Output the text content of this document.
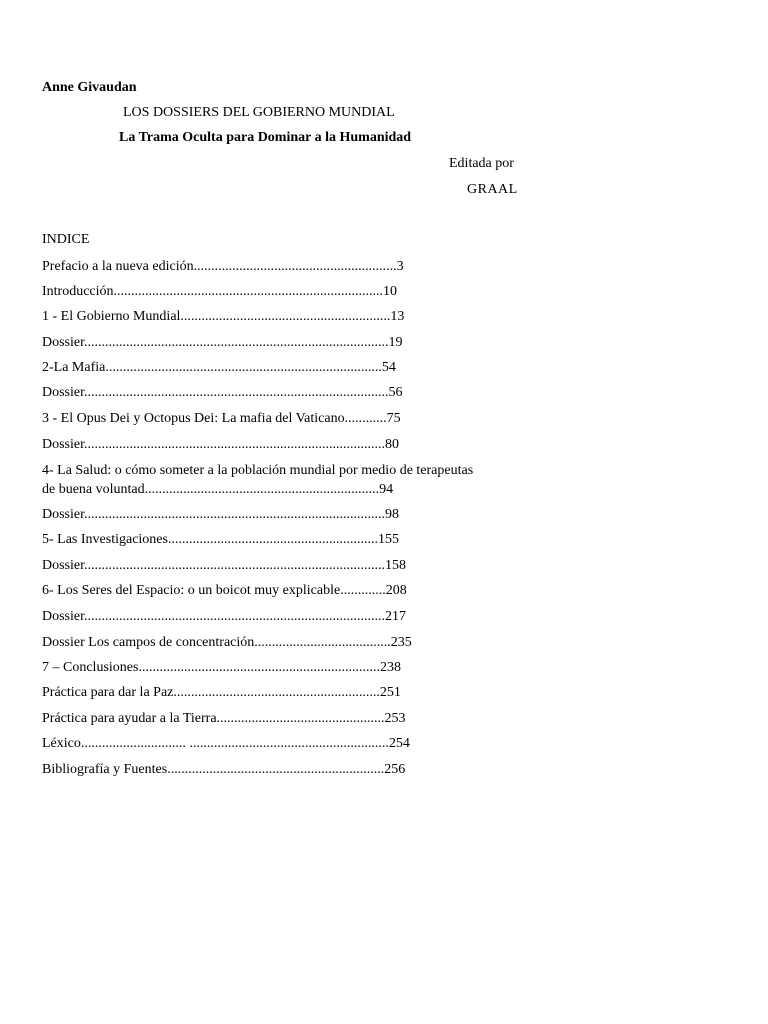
Anne Givaudan
LOS DOSSIERS DEL GOBIERNO MUNDIAL
La Trama Oculta para Dominar a la Humanidad
Editada por
GRAAL
INDICE
Prefacio a la nueva edición..........................................................3
Introducción.............................................................................10
1 - El Gobierno Mundial............................................................13
Dossier.......................................................................................19
2-La Mafia...............................................................................54
Dossier.......................................................................................56
3 - El Opus Dei y Octopus Dei: La mafia del Vaticano............75
Dossier......................................................................................80
4- La Salud: o cómo someter a la población mundial por medio de terapeutas
de buena voluntad...................................................................94
Dossier......................................................................................98
5- Las Investigaciones............................................................155
Dossier......................................................................................158
6- Los Seres del Espacio: o un boicot muy explicable.............208
Dossier......................................................................................217
Dossier Los campos de concentración.......................................235
7 – Conclusiones.....................................................................238
Práctica para dar la Paz...........................................................251
Práctica para ayudar a la Tierra................................................253
Léxico.............................. .........................................................254
Bibliografía y Fuentes..............................................................256
